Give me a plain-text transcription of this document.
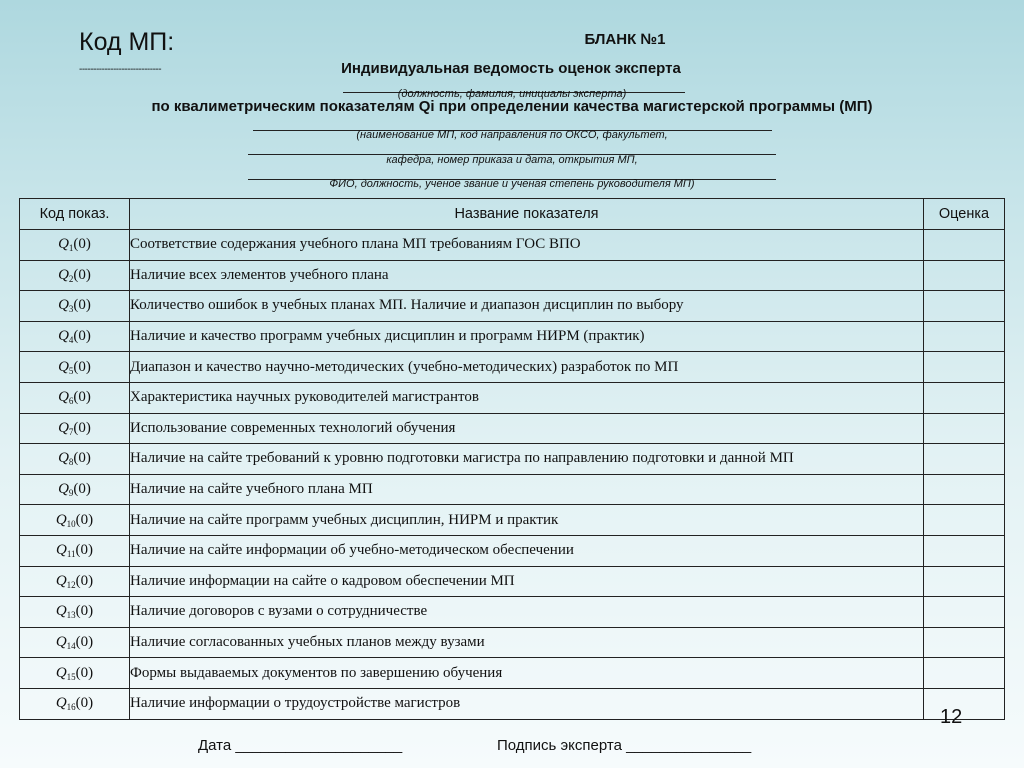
Код МП:
-----------------------------
БЛАНК №1
Индивидуальная ведомость оценок эксперта
(должность, фамилия, инициалы эксперта)
по квалиметрическим показателям Qi при определении качества магистерской программы (МП)
(наименование МП, код направления по ОКСО, факультет,
кафедра, номер приказа и дата, открытия МП,
ФИО, должность, ученое звание и ученая степень руководителя МП)
Код показ.	Название показателя	Оценка
$Q_1(0)$	Соответствие содержания учебного плана МП требованиям ГОС ВПО	
$Q_2(0)$	Наличие всех элементов учебного плана	
$Q_3(0)$	Количество ошибок в учебных планах МП. Наличие и диапазон дисциплин по выбору	
$Q_4(0)$	Наличие и качество программ учебных дисциплин и программ НИРМ (практик)	
$Q_5(0)$	Диапазон и качество научно-методических (учебно-методических) разработок по МП	
$Q_6(0)$	Характеристика научных руководителей магистрантов	
$Q_7(0)$	Использование современных технологий обучения	
$Q_8(0)$	Наличие на сайте требований к уровню подготовки магистра по направлению подготовки и данной МП	
$Q_9(0)$	Наличие на сайте учебного плана МП	
$Q_{10}(0)$	Наличие на сайте программ учебных дисциплин, НИРМ и практик	
$Q_{11}(0)$	Наличие на сайте информации об учебно-методическом обеспечении	
$Q_{12}(0)$	Наличие информации на сайте о кадровом обеспечении МП	
$Q_{13}(0)$	Наличие договоров с вузами о сотрудничестве	
$Q_{14}(0)$	Наличие согласованных учебных планов между вузами	
$Q_{15}(0)$	Формы выдаваемых документов по завершению обучения	
$Q_{16}(0)$	Наличие информации о трудоустройстве магистров	
12
Дата ____________________	Подпись эксперта _______________
